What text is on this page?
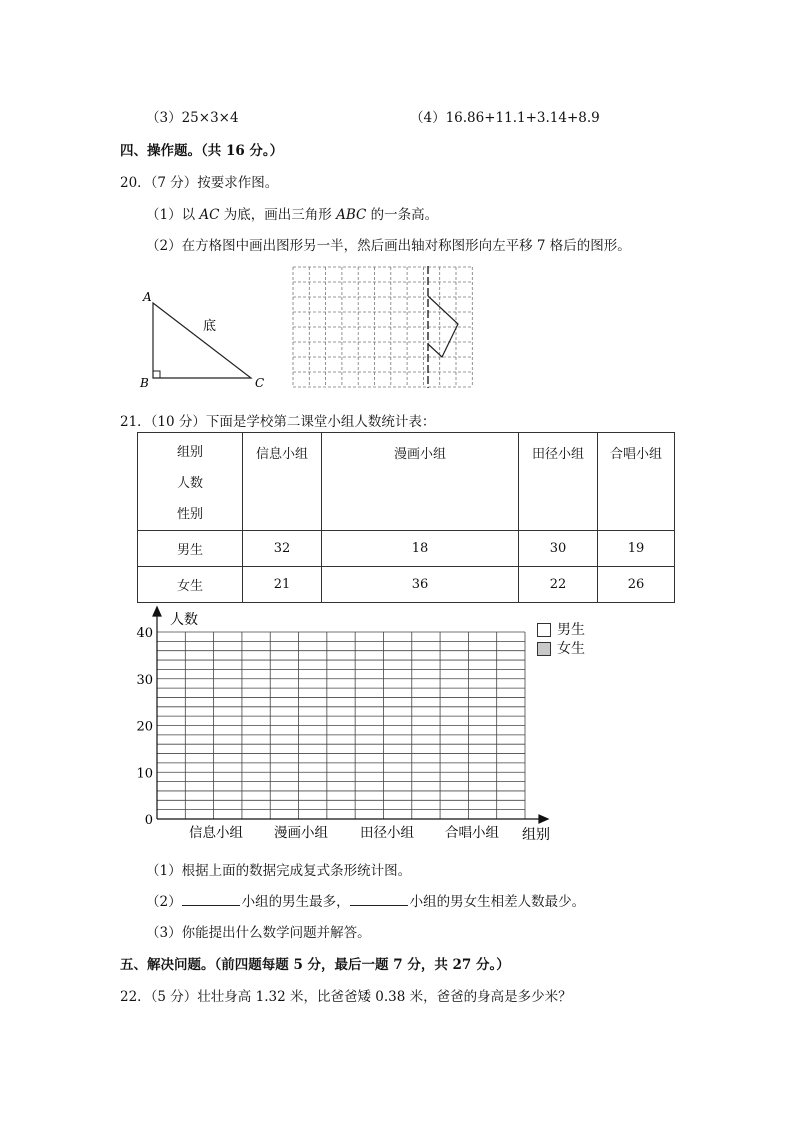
（3）25×3×4	（4）16.86+11.1+3.14+8.9
四、操作题。（共 16 分。）
20．（7 分）按要求作图。
（1）以 AC 为底，画出三角形 ABC 的一条高。
（2）在方格图中画出图形另一半，然后画出轴对称图形向左平移 7 格后的图形。
A
B	C
底
21．（10 分）下面是学校第二课堂小组人数统计表：
组别
人数
性别	信息小组	漫画小组	田径小组	合唱小组
男生	32	18	30	19
女生	21	36	22	26
0
10
20
30
40
信息小组 漫画小组 田径小组 合唱小组
人数
组别
男生
女生
（1）根据上面的数据完成复式条形统计图。
（2）	小组的男生最多，	小组的男女生相差人数最少。
（3）你能提出什么数学问题并解答。
五、解决问题。（前四题每题 5 分，最后一题 7 分，共 27 分。）
22．（5 分）壮壮身高 1.32 米，比爸爸矮 0.38 米，爸爸的身高是多少米？
